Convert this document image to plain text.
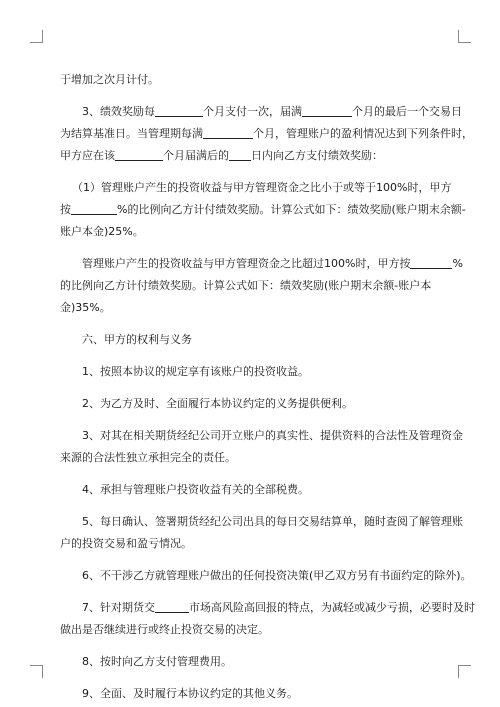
于增加之次月计付。

3、绩效奖励每	个月支付一次，届满	个月的最后一个交易日

为结算基准日。当管理期每满	个月，管理账户的盈利情况达到下列条件时，

甲方应在该	个月届满后的 日内向乙方支付绩效奖励：

（1）管理账户产生的投资收益与甲方管理资金之比小于或等于100%时，甲方

按	%的比例向乙方计付绩效奖励。计算公式如下：绩效奖励(账户期末余额-

账户本金)25%。

管理账户产生的投资收益与甲方管理资金之比超过100%时，甲方按	%

的比例向乙方计付绩效奖励。计算公式如下：绩效奖励(账户期末余额-账户本

金)35%。

六、甲方的权利与义务

1、按照本协议的规定享有该账户的投资收益。

2、为乙方及时、全面履行本协议约定的义务提供便利。

3、对其在相关期货经纪公司开立账户的真实性、提供资料的合法性及管理资金

来源的合法性独立承担完全的责任。

4、承担与管理账户投资收益有关的全部税费。

5、每日确认、签署期货经纪公司出具的每日交易结算单，随时查阅了解管理账

户的投资交易和盈亏情况。

6、不干涉乙方就管理账户做出的任何投资决策(甲乙双方另有书面约定的除外)。

7、针对期货交	市场高风险高回报的特点，为减轻或减少亏损，必要时及时

做出是否继续进行或终止投资交易的决定。

8、按时向乙方支付管理费用。

9、全面、及时履行本协议约定的其他义务。
